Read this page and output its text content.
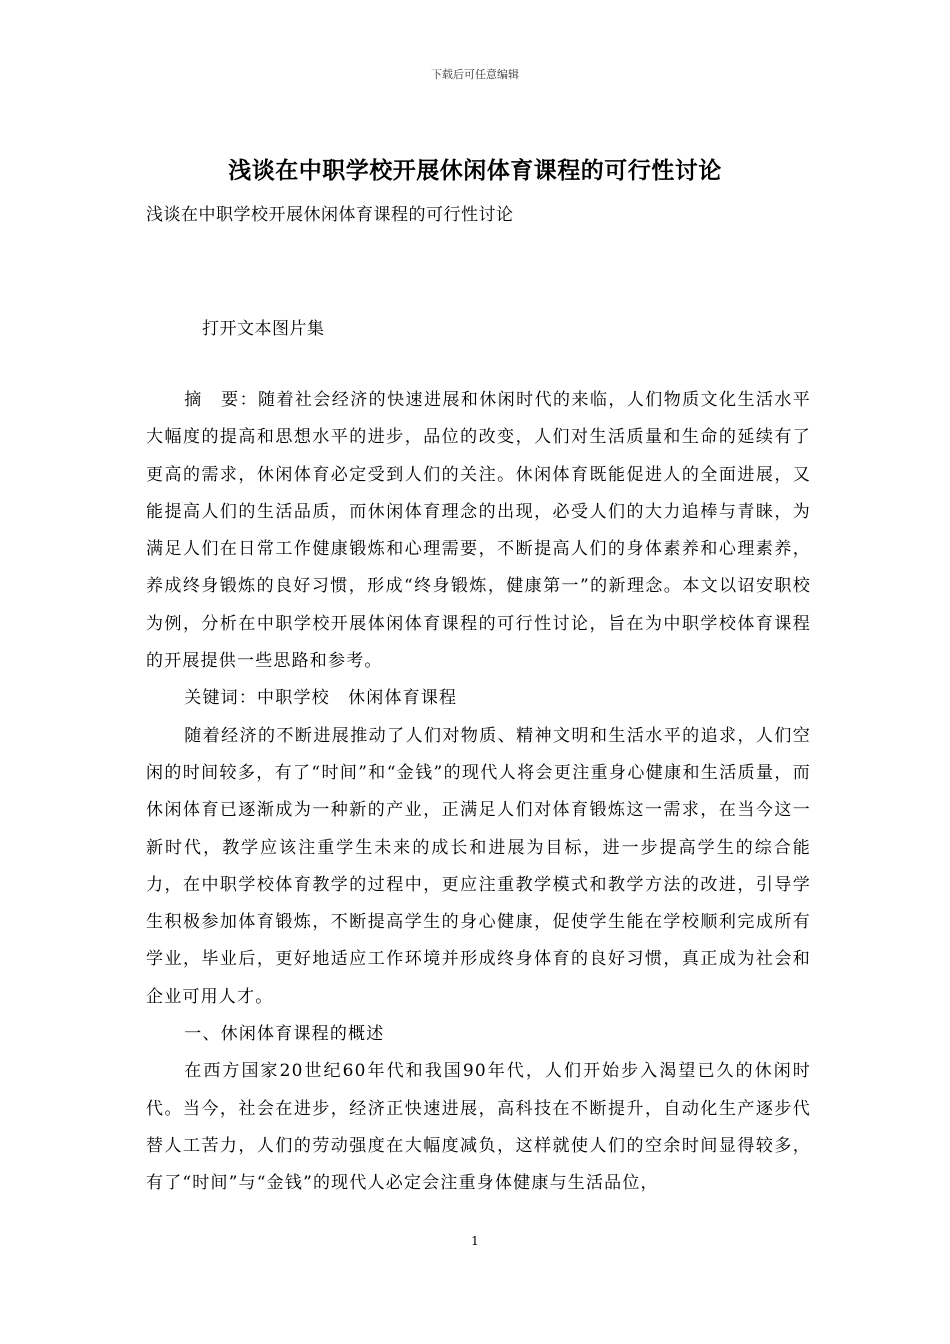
下载后可任意编辑
浅谈在中职学校开展休闲体育课程的可行性讨论
浅谈在中职学校开展休闲体育课程的可行性讨论
打开文本图片集

摘　要：随着社会经济的快速进展和休闲时代的来临，人们物质文化生活水平大幅度的提高和思想水平的进步，品位的改变，人们对生活质量和生命的延续有了更高的需求，休闲体育必定受到人们的关注。休闲体育既能促进人的全面进展，又能提高人们的生活品质，而休闲体育理念的出现，必受人们的大力追棒与青睐，为满足人们在日常工作健康锻炼和心理需要，不断提高人们的身体素养和心理素养，养成终身锻炼的良好习惯，形成“终身锻炼，健康第一”的新理念。本文以诏安职校为例，分析在中职学校开展体闲体育课程的可行性讨论，旨在为中职学校体育课程的开展提供一些思路和参考。

关键词：中职学校　休闲体育课程

随着经济的不断进展推动了人们对物质、精神文明和生活水平的追求，人们空闲的时间较多，有了“时间”和“金钱”的现代人将会更注重身心健康和生活质量，而休闲体育已逐渐成为一种新的产业，正满足人们对体育锻炼这一需求，在当今这一新时代，教学应该注重学生未来的成长和进展为目标，进一步提高学生的综合能力，在中职学校体育教学的过程中，更应注重教学模式和教学方法的改进，引导学生积极参加体育锻炼，不断提高学生的身心健康，促使学生能在学校顺利完成所有学业，毕业后，更好地适应工作环境并形成终身体育的良好习惯，真正成为社会和企业可用人才。

一、休闲体育课程的概述

在西方国家20世纪60年代和我国90年代，人们开始步入渴望已久的休闲时代。当今，社会在进步，经济正快速进展，高科技在不断提升，自动化生产逐步代替人工苦力，人们的劳动强度在大幅度减负，这样就使人们的空余时间显得较多，有了“时间”与“金钱”的现代人必定会注重身体健康与生活品位，

1
